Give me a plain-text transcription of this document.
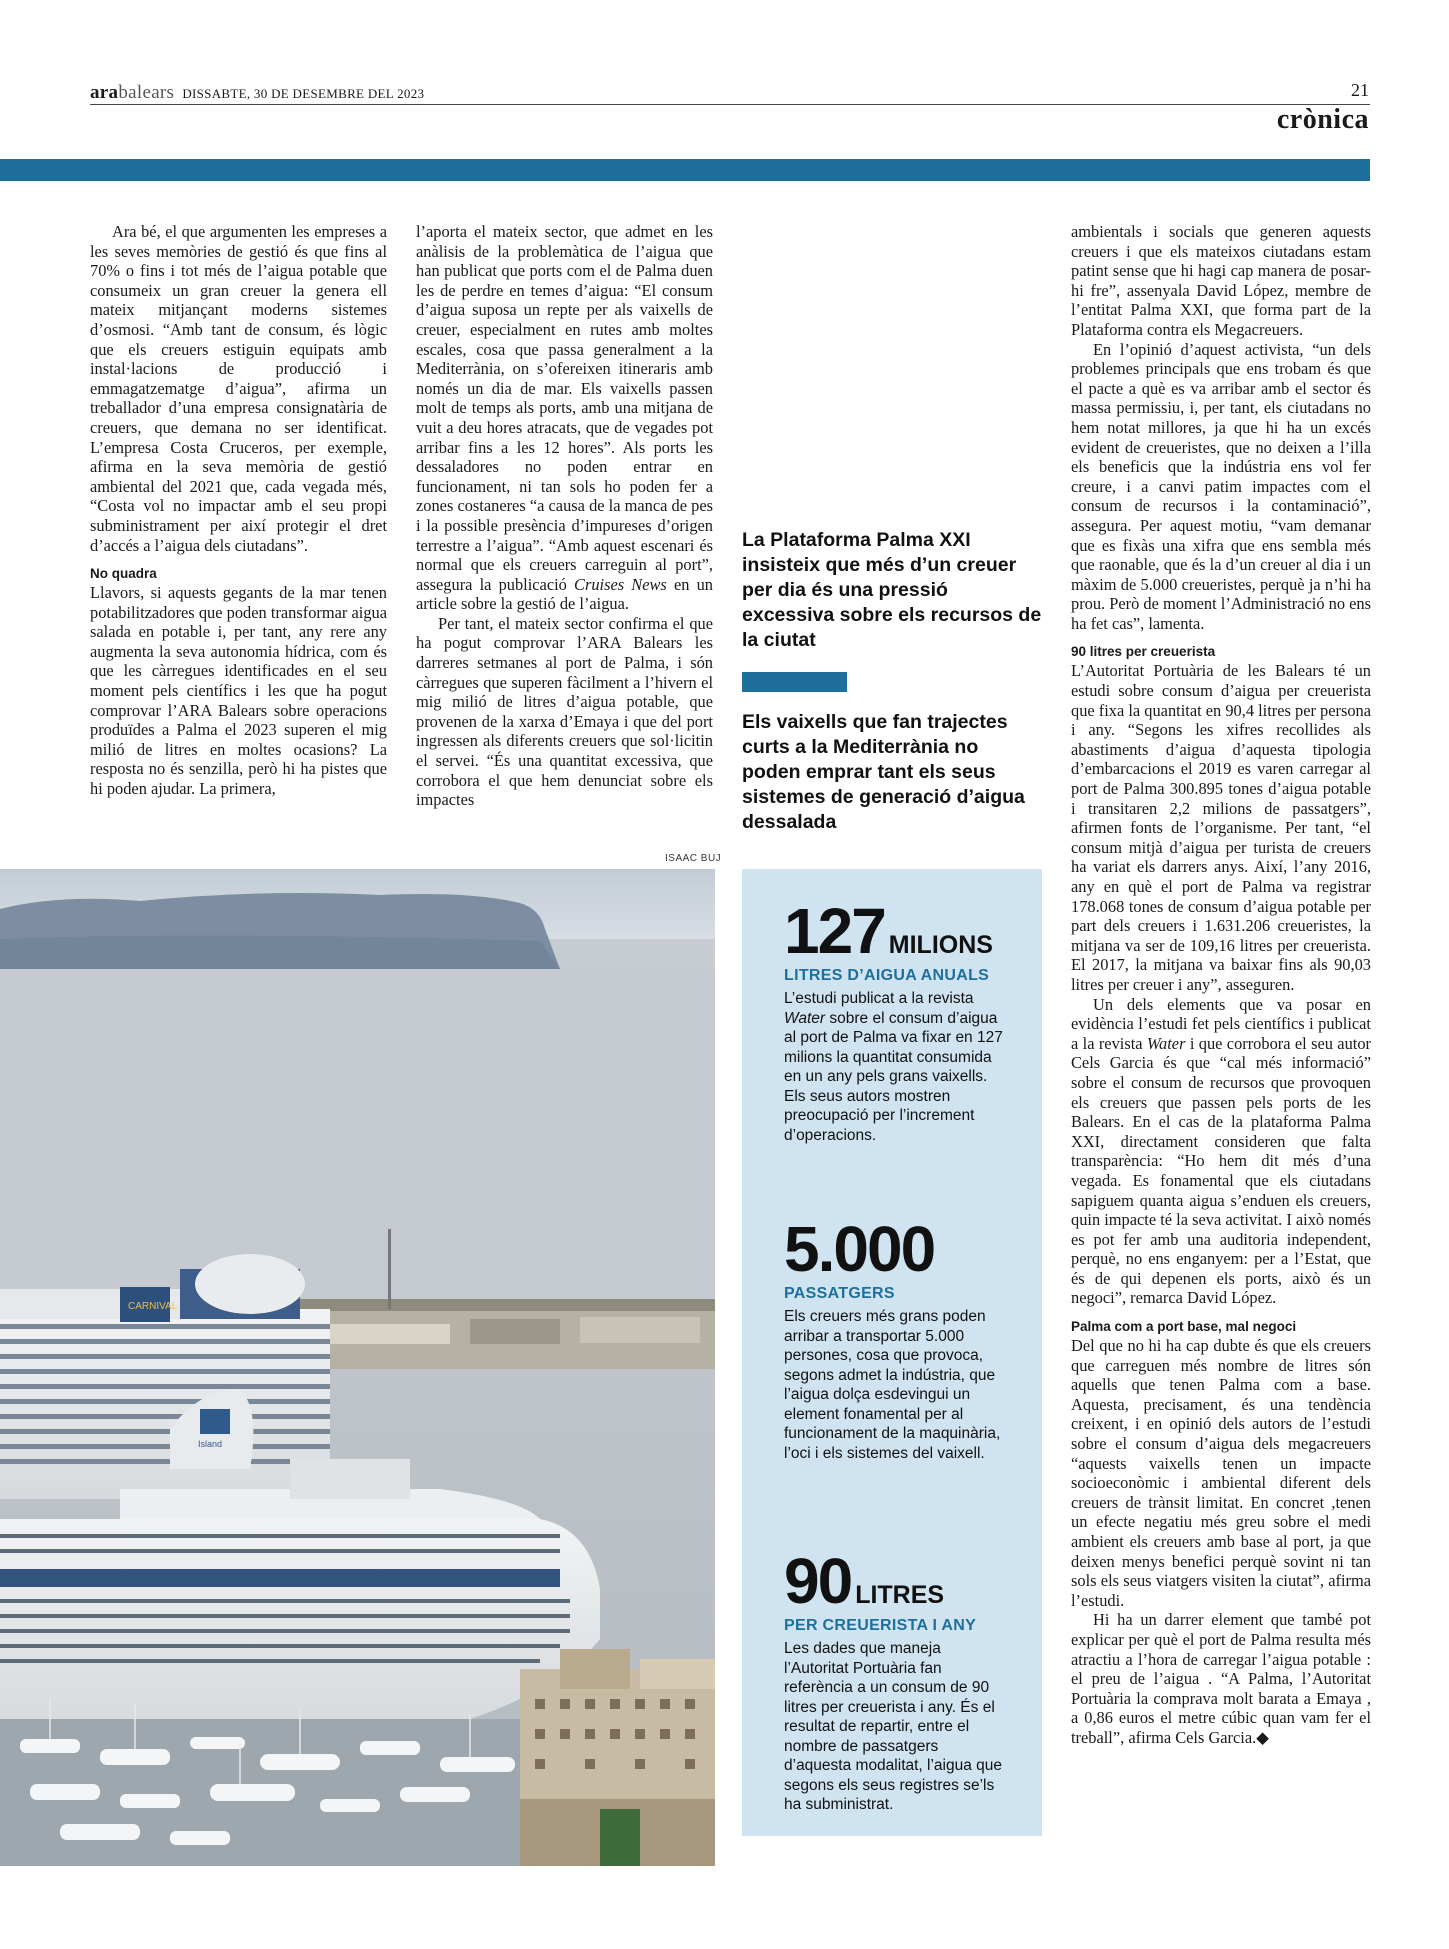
arabalears DISSABTE, 30 DE DESEMBRE DEL 2023	21
crònica

Ara bé, el que argumenten les empreses a les seves memòries de gestió és que fins al 70% o fins i tot més de l’aigua potable que consumeix un gran creuer la genera ell mateix mitjançant moderns sistemes d’osmosi. “Amb tant de consum, és lògic que els creuers estiguin equipats amb instal·lacions de producció i emmagatzematge d’aigua”, afirma un treballador d’una empresa consignatària de creuers, que demana no ser identificat. L’empresa Costa Cruceros, per exemple, afirma en la seva memòria de gestió ambiental del 2021 que, cada vegada més, “Costa vol no impactar amb el seu propi subministrament per així protegir el dret d’accés a l’aigua dels ciutadans”.

No quadra

Llavors, si aquests gegants de la mar tenen potabilitzadores que poden transformar aigua salada en potable i, per tant, any rere any augmenta la seva autonomia hídrica, com és que les càrregues identificades en el seu moment pels científics i les que ha pogut comprovar l’ARA Balears sobre operacions produïdes a Palma el 2023 superen el mig milió de litres en moltes ocasions? La resposta no és senzilla, però hi ha pistes que hi poden ajudar. La primera,

l’aporta el mateix sector, que admet en les anàlisis de la problemàtica de l’aigua que han publicat que ports com el de Palma duen les de perdre en temes d’aigua: “El consum d’aigua suposa un repte per als vaixells de creuer, especialment en rutes amb moltes escales, cosa que passa generalment a la Mediterrània, on s’ofereixen itineraris amb només un dia de mar. Els vaixells passen molt de temps als ports, amb una mitjana de vuit a deu hores atracats, que de vegades pot arribar fins a les 12 hores”. Als ports les dessaladores no poden entrar en funcionament, ni tan sols ho poden fer a zones costaneres “a causa de la manca de pes i la possible presència d’impureses d’origen terrestre a l’aigua”. “Amb aquest escenari és normal que els creuers carreguin al port”, assegura la publicació Cruises News en un article sobre la gestió de l’aigua.

Per tant, el mateix sector confirma el que ha pogut comprovar l’ARA Balears les darreres setmanes al port de Palma, i són càrregues que superen fàcilment a l’hivern el mig milió de litres d’aigua potable, que provenen de la xarxa d’Emaya i que del port ingressen als diferents creuers que sol·licitin el servei. “És una quantitat excessiva, que corrobora el que hem denunciat sobre els impactes

La Plataforma Palma XXI insisteix que més d’un creuer per dia és una pressió excessiva sobre els recursos de la ciutat
Els vaixells que fan trajectes curts a la Mediterrània no poden emprar tant els seus sistemes de generació d’aigua dessalada
ISAAC BUJ
CARNIVAL
Island
127 MILIONS
LITRES D’AIGUA ANUALS
L’estudi publicat a la revista Water sobre el consum d’aigua al port de Palma va fixar en 127 milions la quantitat consumida en un any pels grans vaixells. Els seus autors mostren preocupació per l’increment d’operacions.
5.000
PASSATGERS
Els creuers més grans poden arribar a transportar 5.000 persones, cosa que provoca, segons admet la indústria, que l’aigua dolça esdevingui un element fonamental per al funcionament de la maquinària, l’oci i els sistemes del vaixell.
90 LITRES
PER CREUERISTA I ANY
Les dades que maneja l’Autoritat Portuària fan referència a un consum de 90 litres per creuerista i any. És el resultat de repartir, entre el nombre de passatgers d’aquesta modalitat, l’aigua que segons els seus registres se’ls ha subministrat.

ambientals i socials que generen aquests creuers i que els mateixos ciutadans estam patint sense que hi hagi cap manera de posar-hi fre”, assenyala David López, membre de l’entitat Palma XXI, que forma part de la Plataforma contra els Megacreuers.

En l’opinió d’aquest activista, “un dels problemes principals que ens trobam és que el pacte a què es va arribar amb el sector és massa permissiu, i, per tant, els ciutadans no hem notat millores, ja que hi ha un excés evident de creueristes, que no deixen a l’illa els beneficis que la indústria ens vol fer creure, i a canvi patim impactes com el consum de recursos i la contaminació”, assegura. Per aquest motiu, “vam demanar que es fixàs una xifra que ens sembla més que raonable, que és la d’un creuer al dia i un màxim de 5.000 creueristes, perquè ja n’hi ha prou. Però de moment l’Administració no ens ha fet cas”, lamenta.

90 litres per creuerista

L’Autoritat Portuària de les Balears té un estudi sobre consum d’aigua per creuerista que fixa la quantitat en 90,4 litres per persona i any. “Segons les xifres recollides als abastiments d’aigua d’aquesta tipologia d’embarcacions el 2019 es varen carregar al port de Palma 300.895 tones d’aigua potable i transitaren 2,2 milions de passatgers”, afirmen fonts de l’organisme. Per tant, “el consum mitjà d’aigua per turista de creuers ha variat els darrers anys. Així, l’any 2016, any en què el port de Palma va registrar 178.068 tones de consum d’aigua potable per part dels creuers i 1.631.206 creueristes, la mitjana va ser de 109,16 litres per creuerista. El 2017, la mitjana va baixar fins als 90,03 litres per creuer i any”, asseguren.

Un dels elements que va posar en evidència l’estudi fet pels científics i publicat a la revista Water i que corrobora el seu autor Cels Garcia és que “cal més informació” sobre el consum de recursos que provoquen els creuers que passen pels ports de les Balears. En el cas de la plataforma Palma XXI, directament consideren que falta transparència: “Ho hem dit més d’una vegada. Es fonamental que els ciutadans sapiguem quanta aigua s’enduen els creuers, quin impacte té la seva activitat. I això només es pot fer amb una auditoria independent, perquè, no ens enganyem: per a l’Estat, que és de qui depenen els ports, això és un negoci”, remarca David López.

Palma com a port base, mal negoci

Del que no hi ha cap dubte és que els creuers que carreguen més nombre de litres són aquells que tenen Palma com a base. Aquesta, precisament, és una tendència creixent, i en opinió dels autors de l’estudi sobre el consum d’aigua dels megacreuers “aquests vaixells tenen un impacte socioeconòmic i ambiental diferent dels creuers de trànsit limitat. En concret ,tenen un efecte negatiu més greu sobre el medi ambient els creuers amb base al port, ja que deixen menys benefici perquè sovint ni tan sols els seus viatgers visiten la ciutat”, afirma l’estudi.

Hi ha un darrer element que també pot explicar per què el port de Palma resulta més atractiu a l’hora de carregar l’aigua potable : el preu de l’aigua . “A Palma, l’Autoritat Portuària la comprava molt barata a Emaya , a 0,86 euros el metre cúbic quan vam fer el treball”, afirma Cels Garcia.◆
